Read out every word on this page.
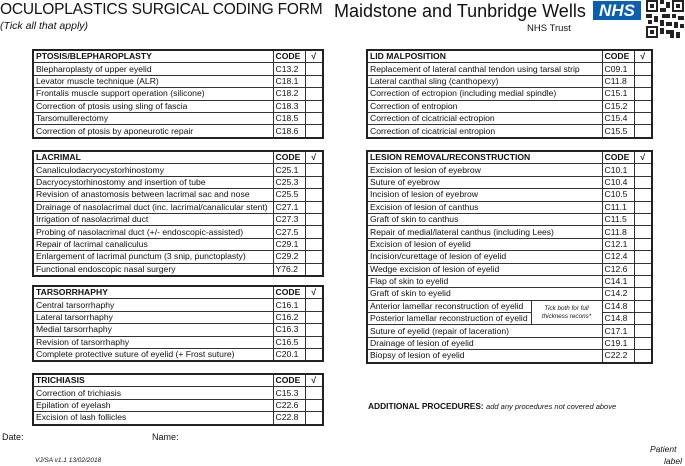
OCULOPLASTICS SURGICAL CODING FORM
(Tick all that apply)
Maidstone and Tunbridge Wells
NHS Trust
NHS
PTOSIS/BLEPHAROPLASTY	CODE	√
Blepharoplasty of upper eyelid	C13.2	
Levator muscle technique (ALR)	C18.1	
Frontalis muscle support operation (silicone)	C18.2	
Correction of ptosis using sling of fascia	C18.3	
Tarsomullerectomy	C18.5	
Correction of ptosis by aponeurotic repair	C18.6	
LACRIMAL	CODE	√
Canaliculodacryocystorhinostomy	C25.1	
Dacryocystorhinostomy and insertion of tube	C25.3	
Revision of anastomosis between lacrimal sac and nose	C25.5	
Drainage of nasolacrimal duct (inc. lacrimal/canalicular stent)	C27.1	
Irrigation of nasolacrimal duct	C27.3	
Probing of nasolacrimal duct (+/- endoscopic-assisted)	C27.5	
Repair of lacrimal canaliculus	C29.1	
Enlargement of lacrimal punctum (3 snip, punctoplasty)	C29.2	
Functional endoscopic nasal surgery	Y76.2	
TARSORRHAPHY	CODE	√
Central tarsorrhaphy	C16.1	
Lateral tarsorrhaphy	C16.2	
Medial tarsorrhaphy	C16.3	
Revision of tarsorrhaphy	C16.5	
Complete protective suture of eyelid (+ Frost suture)	C20.1	
TRICHIASIS	CODE	√
Correction of trichiasis	C15.3	
Epilation of eyelash	C22.6	
Excision of lash follicles	C22.8	
LID MALPOSITION	CODE	√
Replacement of lateral canthal tendon using tarsal strip	C09.1	
Lateral canthal sling (canthopexy)	C11.8	
Correction of ectropion (including medial spindle)	C15.1	
Correction of entropion	C15.2	
Correction of cicatricial ectropion	C15.4	
Correction of cicatricial entropion	C15.5	
LESION REMOVAL/RECONSTRUCTION		CODE	√
Excision of lesion of eyebrow		C10.1	
Suture of eyebrow		C10.4	
Incision of lesion of eyebrow		C10.5	
Excision of lesion of canthus		C11.1	
Graft of skin to canthus		C11.5	
Repair of medial/lateral canthus (including Lees)		C11.8	
Excision of lesion of eyelid		C12.1	
Incision/curettage of lesion of eyelid		C12.4	
Wedge excision of lesion of eyelid		C12.6	
Flap of skin to eyelid		C14.1	
Graft of skin to eyelid		C14.2	
Anterior lamellar reconstruction of eyelid	Tick both for full thickness recons*	C14.8	
Posterior lamellar reconstruction of eyelid		C14.8	
Suture of eyelid (repair of laceration)		C17.1	
Drainage of lesion of eyelid		C19.1	
Biopsy of lesion of eyelid		C22.2	
ADDITIONAL PROCEDURES: add any procedures not covered above
Date:	Name:
VJ/SA v1.1 13/02/2018
Patient
label
